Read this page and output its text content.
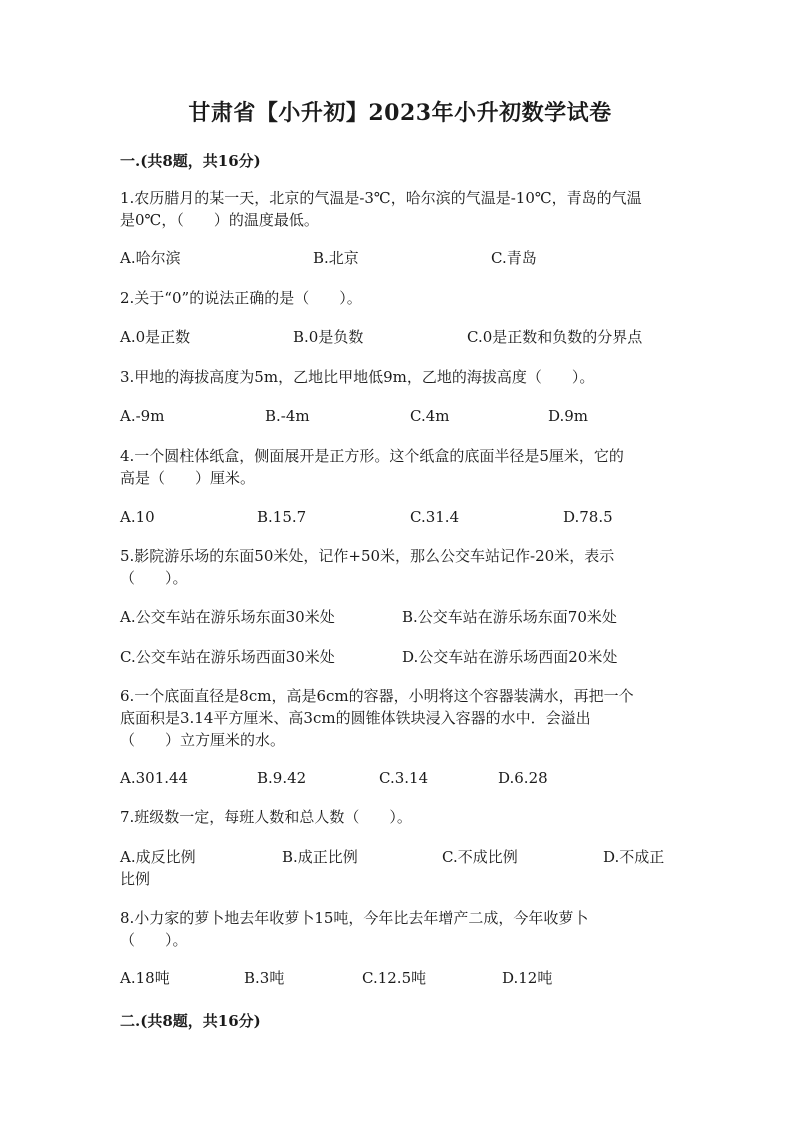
甘肃省【小升初】2023年小升初数学试卷
一.(共8题，共16分)
1.农历腊月的某一天，北京的气温是-3℃，哈尔滨的气温是-10℃，青岛的气温
是0℃，（　　）的温度最低。
A.哈尔滨	B.北京	C.青岛
2.关于“0”的说法正确的是（　　）。
A.0是正数	B.0是负数	C.0是正数和负数的分界点
3.甲地的海拔高度为5m，乙地比甲地低9m，乙地的海拔高度（　　）。
A.-9m	B.-4m	C.4m	D.9m
4.一个圆柱体纸盒，侧面展开是正方形。这个纸盒的底面半径是5厘米，它的
高是（　　）厘米。
A.10	B.15.7	C.31.4	D.78.5
5.影院游乐场的东面50米处，记作+50米，那么公交车站记作-20米，表示
（　　）。
A.公交车站在游乐场东面30米处	B.公交车站在游乐场东面70米处
C.公交车站在游乐场西面30米处	D.公交车站在游乐场西面20米处
6.一个底面直径是8cm，高是6cm的容器，小明将这个容器装满水，再把一个
底面积是3.14平方厘米、高3cm的圆锥体铁块浸入容器的水中．会溢出
（　　）立方厘米的水。
A.301.44	B.9.42	C.3.14	D.6.28
7.班级数一定，每班人数和总人数（　　）。
A.成反比例	B.成正比例	C.不成比例	D.不成正
比例
8.小力家的萝卜地去年收萝卜15吨，今年比去年增产二成，今年收萝卜
（　　）。
A.18吨	B.3吨	C.12.5吨	D.12吨
二.(共8题，共16分)
